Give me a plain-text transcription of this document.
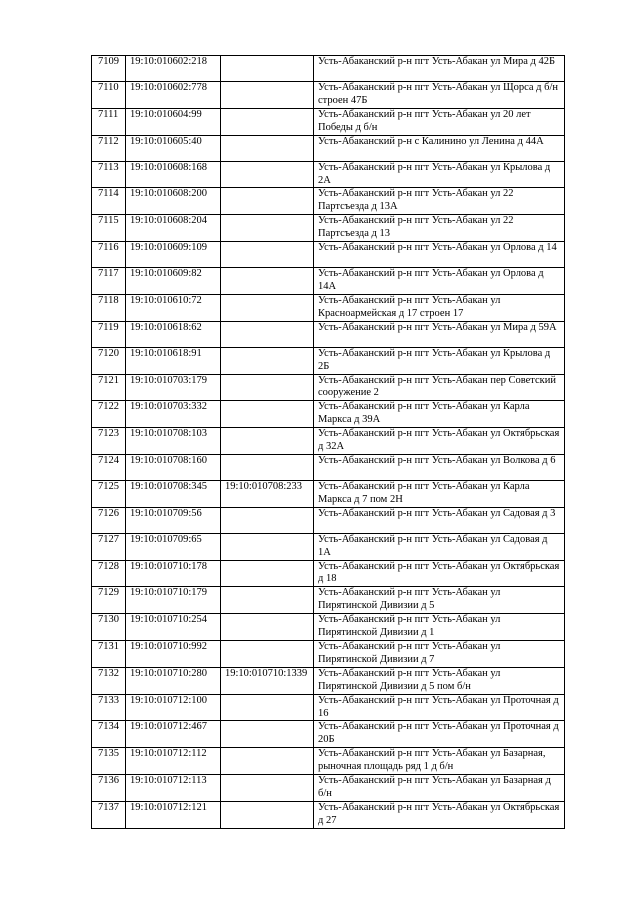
7109	19:10:010602:218		Усть-Абаканский р-н пгт Усть-Абакан ул Мира д 42Б
7110	19:10:010602:778		Усть-Абаканский р-н пгт Усть-Абакан ул Щорса д б/н строен 47Б
7111	19:10:010604:99		Усть-Абаканский р-н пгт Усть-Абакан ул 20 лет Победы д б/н
7112	19:10:010605:40		Усть-Абаканский р-н с Калинино ул Ленина д 44А
7113	19:10:010608:168		Усть-Абаканский р-н пгт Усть-Абакан ул Крылова д 2А
7114	19:10:010608:200		Усть-Абаканский р-н пгт Усть-Абакан ул 22 Партсъезда д 13А
7115	19:10:010608:204		Усть-Абаканский р-н пгт Усть-Абакан ул 22 Партсъезда д 13
7116	19:10:010609:109		Усть-Абаканский р-н пгт Усть-Абакан ул Орлова д 14
7117	19:10:010609:82		Усть-Абаканский р-н пгт Усть-Абакан ул Орлова д 14А
7118	19:10:010610:72		Усть-Абаканский р-н пгт Усть-Абакан ул Красноармейская д 17 строен 17
7119	19:10:010618:62		Усть-Абаканский р-н пгт Усть-Абакан ул Мира д 59А
7120	19:10:010618:91		Усть-Абаканский р-н пгт Усть-Абакан ул Крылова д 2Б
7121	19:10:010703:179		Усть-Абаканский р-н пгт Усть-Абакан пер Советский сооружение 2
7122	19:10:010703:332		Усть-Абаканский р-н пгт Усть-Абакан ул Карла Маркса д 39А
7123	19:10:010708:103		Усть-Абаканский р-н пгт Усть-Абакан ул Октябрьская д 32А
7124	19:10:010708:160		Усть-Абаканский р-н пгт Усть-Абакан ул Волкова д 6
7125	19:10:010708:345	19:10:010708:233	Усть-Абаканский р-н пгт Усть-Абакан ул Карла Маркса д 7 пом 2Н
7126	19:10:010709:56		Усть-Абаканский р-н пгт Усть-Абакан ул Садовая д 3
7127	19:10:010709:65		Усть-Абаканский р-н пгт Усть-Абакан ул Садовая д 1А
7128	19:10:010710:178		Усть-Абаканский р-н пгт Усть-Абакан ул Октябрьская д 18
7129	19:10:010710:179		Усть-Абаканский р-н пгт Усть-Абакан ул Пирятинской Дивизии д 5
7130	19:10:010710:254		Усть-Абаканский р-н пгт Усть-Абакан ул Пирятинской Дивизии д 1
7131	19:10:010710:992		Усть-Абаканский р-н пгт Усть-Абакан ул Пирятинской Дивизии д 7
7132	19:10:010710:280	19:10:010710:1339	Усть-Абаканский р-н пгт Усть-Абакан ул Пирятинской Дивизии д 5 пом б/н
7133	19:10:010712:100		Усть-Абаканский р-н пгт Усть-Абакан ул Проточная д 16
7134	19:10:010712:467		Усть-Абаканский р-н пгт Усть-Абакан ул Проточная д 20Б
7135	19:10:010712:112		Усть-Абаканский р-н пгт Усть-Абакан ул Базарная, рыночная площадь ряд 1 д б/н
7136	19:10:010712:113		Усть-Абаканский р-н пгт Усть-Абакан ул Базарная д б/н
7137	19:10:010712:121		Усть-Абаканский р-н пгт Усть-Абакан ул Октябрьская д 27
